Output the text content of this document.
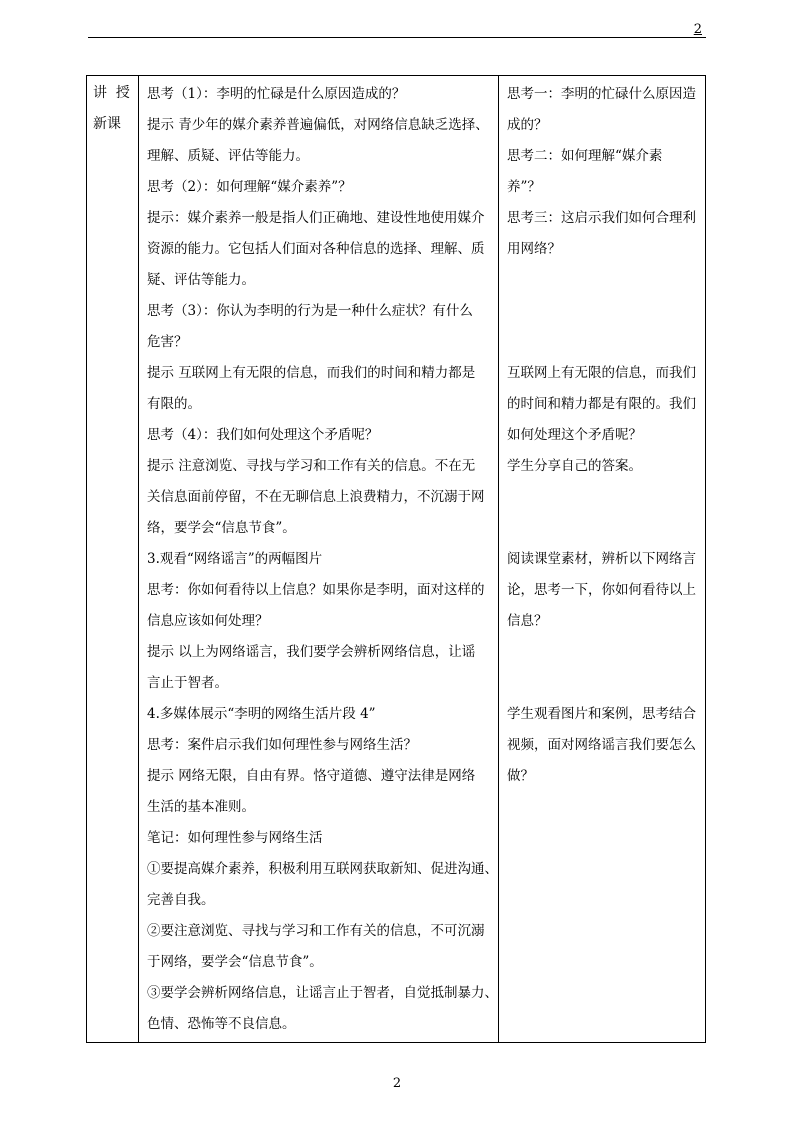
2
讲  授
新课
思考（1）：李明的忙碌是什么原因造成的？
提示 青少年的媒介素养普遍偏低，对网络信息缺乏选择、
理解、质疑、评估等能力。
思考（2）：如何理解“媒介素养”？
提示：媒介素养一般是指人们正确地、建设性地使用媒介
资源的能力。它包括人们面对各种信息的选择、理解、质
疑、评估等能力。
思考（3）：你认为李明的行为是一种什么症状？有什么
危害？
提示 互联网上有无限的信息，而我们的时间和精力都是
有限的。
思考（4）：我们如何处理这个矛盾呢？
提示 注意浏览、寻找与学习和工作有关的信息。不在无
关信息面前停留，不在无聊信息上浪费精力，不沉溺于网
络，要学会“信息节食”。
3.观看“网络谣言”的两幅图片
思考：你如何看待以上信息？如果你是李明，面对这样的
信息应该如何处理？
提示 以上为网络谣言，我们要学会辨析网络信息，让谣
言止于智者。
4.多媒体展示“李明的网络生活片段 4”
思考：案件启示我们如何理性参与网络生活？
提示 网络无限，自由有界。恪守道德、遵守法律是网络
生活的基本准则。
笔记：如何理性参与网络生活
①要提高媒介素养，积极利用互联网获取新知、促进沟通、
完善自我。
②要注意浏览、寻找与学习和工作有关的信息，不可沉溺
于网络，要学会“信息节食”。
③要学会辨析网络信息，让谣言止于智者，自觉抵制暴力、
色情、恐怖等不良信息。
思考一：李明的忙碌什么原因造
成的？
思考二：如何理解“媒介素
养”？
思考三：这启示我们如何合理利
用网络？
互联网上有无限的信息，而我们
的时间和精力都是有限的。我们
如何处理这个矛盾呢？
学生分享自己的答案。
阅读课堂素材，辨析以下网络言
论，思考一下，你如何看待以上
信息？
学生观看图片和案例，思考结合
视频，面对网络谣言我们要怎么
做？
2
